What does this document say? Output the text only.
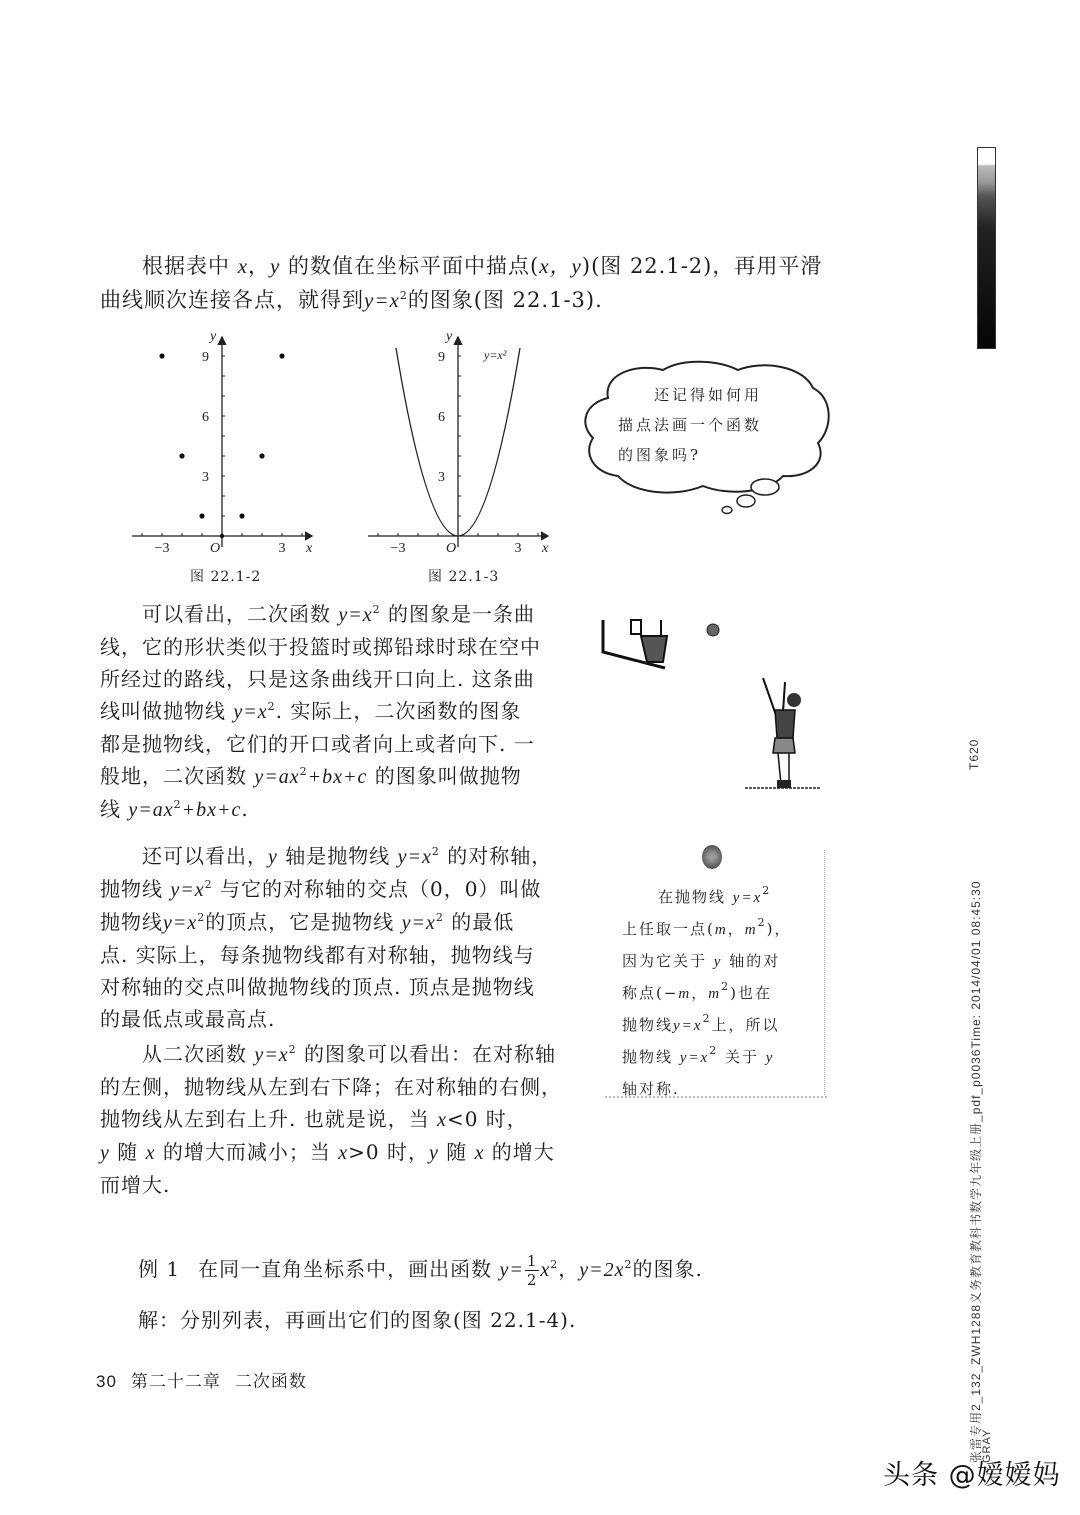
根据表中 x，y 的数值在坐标平面中描点(x，y)(图 22.1-2)，再用平滑

曲线顺次连接各点，就得到$y=x^2$的图象(图 22.1-3).

y
9
6
3
−3	3
O	x
图 22.1-2
y
9
6
3
−3	3
O	x
y=x²
图 22.1-3

还记得如何用

描点法画一个函数

的图象吗?

可以看出，二次函数 $y=x^2$ 的图象是一条曲

线，它的形状类似于投篮时或掷铅球时球在空中

所经过的路线，只是这条曲线开口向上. 这条曲

线叫做抛物线 $y=x^2$. 实际上，二次函数的图象

都是抛物线，它们的开口或者向上或者向下. 一

般地，二次函数 $y=ax^2+bx+c$ 的图象叫做抛物

线 $y=ax^2+bx+c$.

还可以看出，y 轴是抛物线 $y=x^2$ 的对称轴，

抛物线 $y=x^2$ 与它的对称轴的交点（0，0）叫做

抛物线$y=x^2$的顶点，它是抛物线 $y=x^2$ 的最低

点. 实际上，每条抛物线都有对称轴，抛物线与

对称轴的交点叫做抛物线的顶点. 顶点是抛物线

的最低点或最高点.

从二次函数 $y=x^2$ 的图象可以看出：在对称轴

的左侧，抛物线从左到右下降；在对称轴的右侧，

抛物线从左到右上升. 也就是说，当 x<0 时，

y 随 x 的增大而减小；当 x>0 时，y 随 x 的增大

而增大.

在抛物线 $y=x^2$

上任取一点(m，$m^2$)，

因为它关于 y 轴的对

称点(−m，$m^2$)也在

抛物线$y=x^2$上，所以

抛物线 $y=x^2$ 关于 y

轴对称.

例 1 在同一直角坐标系中，画出函数 $y= \frac{1}{2} x^2$，$y=2x^2$的图象.

解：分别列表，再画出它们的图象(图 22.1-4).

30 第二十二章 二次函数
T620
张雷专用2_132_ZWH1288义务教育教科书数学九年级上册_pdf_p0036Time: 2014/04/01 08:45:30
GRAY
头条 @嫒嫒妈
